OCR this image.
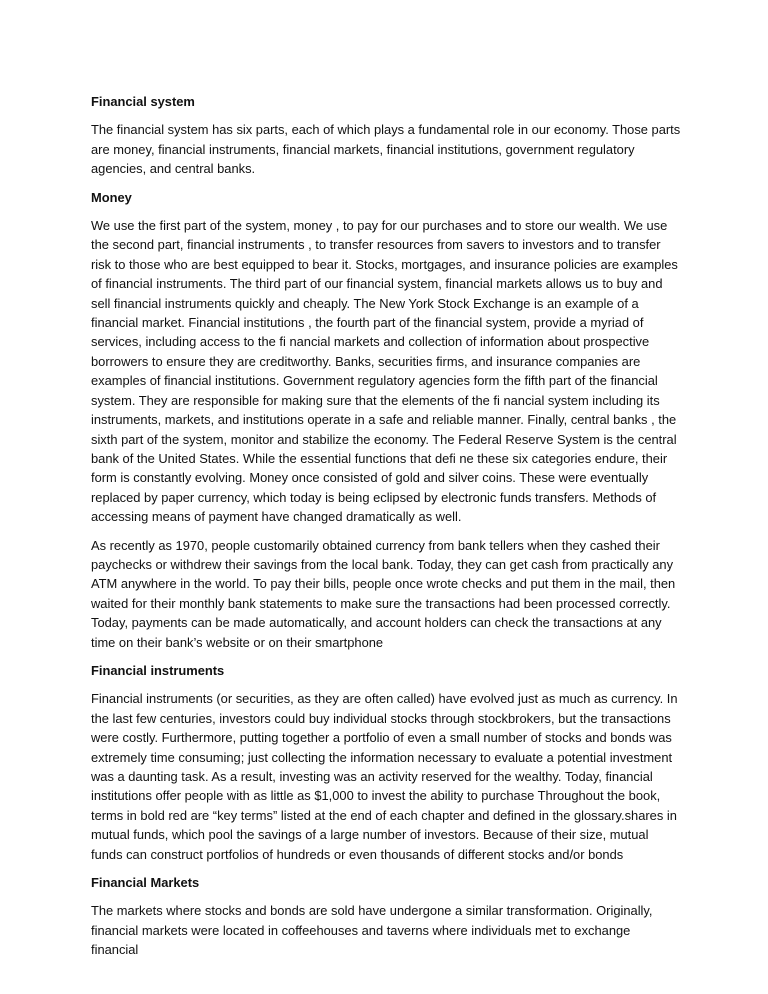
Financial system

The financial system has six parts, each of which plays a fundamental role in our economy. Those parts are money, financial instruments, financial markets, financial institutions, government regulatory agencies, and central banks.

Money

We use the first part of the system, money , to pay for our purchases and to store our wealth. We use the second part, financial instruments , to transfer resources from savers to investors and to transfer risk to those who are best equipped to bear it. Stocks, mortgages, and insurance policies are examples of financial instruments. The third part of our financial system, financial markets allows us to buy and sell financial instruments quickly and cheaply. The New York Stock Exchange is an example of a financial market. Financial institutions , the fourth part of the financial system, provide a myriad of services, including access to the fi nancial markets and collection of information about prospective borrowers to ensure they are creditworthy. Banks, securities firms, and insurance companies are examples of financial institutions. Government regulatory agencies form the fifth part of the financial system. They are responsible for making sure that the elements of the fi nancial system including its instruments, markets, and institutions operate in a safe and reliable manner. Finally, central banks , the sixth part of the system, monitor and stabilize the economy. The Federal Reserve System is the central bank of the United States. While the essential functions that defi ne these six categories endure, their form is constantly evolving. Money once consisted of gold and silver coins. These were eventually replaced by paper currency, which today is being eclipsed by electronic funds transfers. Methods of accessing means of payment have changed dramatically as well.

As recently as 1970, people customarily obtained currency from bank tellers when they cashed their paychecks or withdrew their savings from the local bank. Today, they can get cash from practically any ATM anywhere in the world. To pay their bills, people once wrote checks and put them in the mail, then waited for their monthly bank statements to make sure the transactions had been processed correctly. Today, payments can be made automatically, and account holders can check the transactions at any time on their bank’s website or on their smartphone

Financial instruments

Financial instruments (or securities, as they are often called) have evolved just as much as currency. In the last few centuries, investors could buy individual stocks through stockbrokers, but the transactions were costly. Furthermore, putting together a portfolio of even a small number of stocks and bonds was extremely time consuming; just collecting the information necessary to evaluate a potential investment was a daunting task. As a result, investing was an activity reserved for the wealthy. Today, financial institutions offer people with as little as $1,000 to invest the ability to purchase Throughout the book, terms in bold red are “key terms” listed at the end of each chapter and defined in the glossary.shares in mutual funds, which pool the savings of a large number of investors. Because of their size, mutual funds can construct portfolios of hundreds or even thousands of different stocks and/or bonds

Financial Markets

The markets where stocks and bonds are sold have undergone a similar transformation. Originally, financial markets were located in coffeehouses and taverns where individuals met to exchange financial
